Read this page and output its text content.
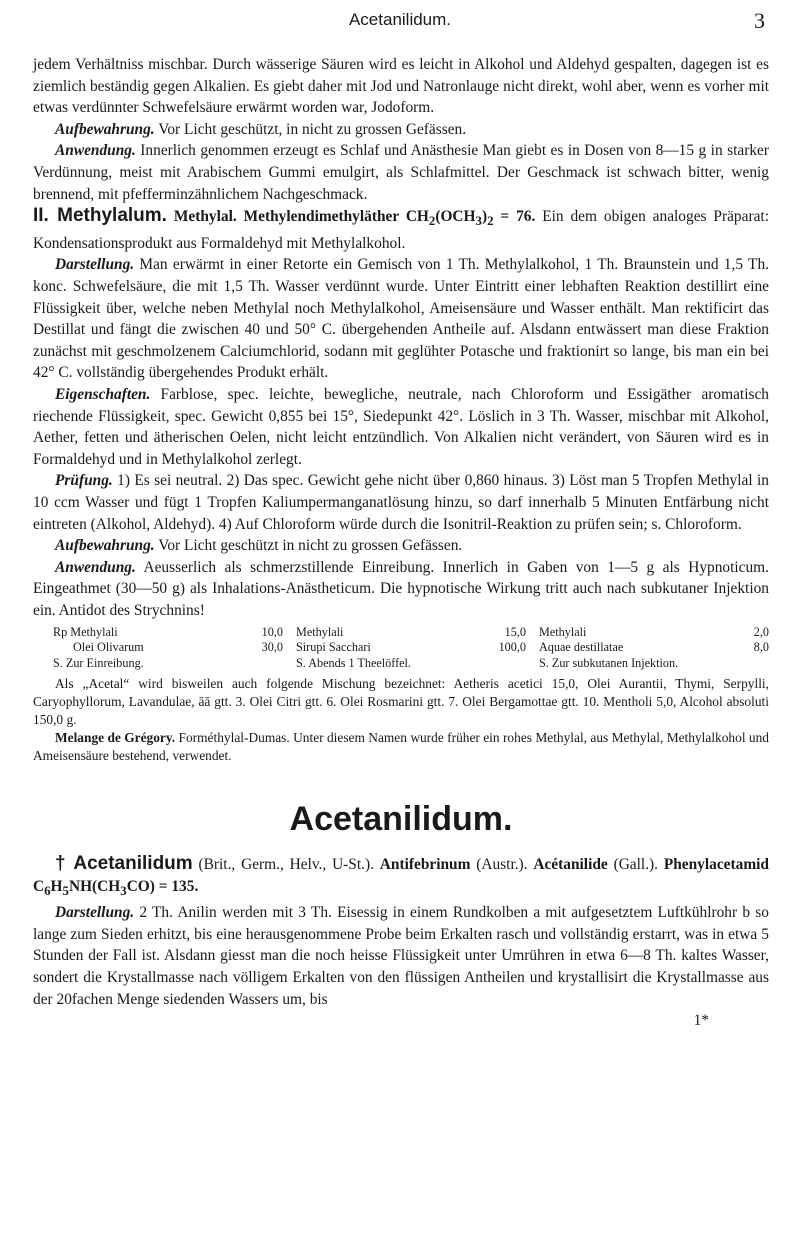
Acetanilidum.	3

jedem Verhältniss mischbar. Durch wässerige Säuren wird es leicht in Alkohol und Aldehyd gespalten, dagegen ist es ziemlich beständig gegen Alkalien. Es giebt daher mit Jod und Natronlauge nicht direkt, wohl aber, wenn es vorher mit etwas verdünnter Schwefelsäure erwärmt worden war, Jodoform.

Aufbewahrung. Vor Licht geschützt, in nicht zu grossen Gefässen.

Anwendung. Innerlich genommen erzeugt es Schlaf und Anästhesie Man giebt es in Dosen von 8—15 g in starker Verdünnung, meist mit Arabischem Gummi emulgirt, als Schlafmittel. Der Geschmack ist schwach bitter, wenig brennend, mit pfefferminzähnlichem Nachgeschmack.

II. Methylalum. Methylal. Methylendimethyläther $CH_2(OCH_3)_2 = 76$. Ein dem obigen analoges Präparat: Kondensationsprodukt aus Formaldehyd mit Methylalkohol.

Darstellung. Man erwärmt in einer Retorte ein Gemisch von 1 Th. Methylalkohol, 1 Th. Braunstein und 1,5 Th. konc. Schwefelsäure, die mit 1,5 Th. Wasser verdünnt wurde. Unter Eintritt einer lebhaften Reaktion destillirt eine Flüssigkeit über, welche neben Methylal noch Methylalkohol, Ameisensäure und Wasser enthält. Man rektificirt das Destillat und fängt die zwischen 40 und 50° C. übergehenden Antheile auf. Alsdann entwässert man diese Fraktion zunächst mit geschmolzenem Calciumchlorid, sodann mit geglühter Potasche und fraktionirt so lange, bis man ein bei 42° C. vollständig übergehendes Produkt erhält.

Eigenschaften. Farblose, spec. leichte, bewegliche, neutrale, nach Chloroform und Essigäther aromatisch riechende Flüssigkeit, spec. Gewicht 0,855 bei 15°, Siedepunkt 42°. Löslich in 3 Th. Wasser, mischbar mit Alkohol, Aether, fetten und ätherischen Oelen, nicht leicht entzündlich. Von Alkalien nicht verändert, von Säuren wird es in Formaldehyd und in Methylalkohol zerlegt.

Prüfung. 1) Es sei neutral. 2) Das spec. Gewicht gehe nicht über 0,860 hinaus. 3) Löst man 5 Tropfen Methylal in 10 ccm Wasser und fügt 1 Tropfen Kaliumpermanganatlösung hinzu, so darf innerhalb 5 Minuten Entfärbung nicht eintreten (Alkohol, Aldehyd). 4) Auf Chloroform würde durch die Isonitril-Reaktion zu prüfen sein; s. Chloroform.

Aufbewahrung. Vor Licht geschützt in nicht zu grossen Gefässen.

Anwendung. Aeusserlich als schmerzstillende Einreibung. Innerlich in Gaben von 1—5 g als Hypnoticum. Eingeathmet (30—50 g) als Inhalations-Anästheticum. Die hypnotische Wirkung tritt auch nach subkutaner Injektion ein. Antidot des Strychnins!

Rp Methylali	10,0
Olei Olivarum	30,0
S. Zur Einreibung.
Methylali	15,0
Sirupi Sacchari	100,0
S. Abends 1 Theelöffel.
Methylali	2,0
Aquae destillatae	8,0
S. Zur subkutanen Injektion.

Als „Acetal“ wird bisweilen auch folgende Mischung bezeichnet: Aetheris acetici 15,0, Olei Aurantii, Thymi, Serpylli, Caryophyllorum, Lavandulae, āā gtt. 3. Olei Citri gtt. 6. Olei Rosmarini gtt. 7. Olei Bergamottae gtt. 10. Mentholi 5,0, Alcohol absoluti 150,0 g.

Melange de Grégory. Forméthylal-Dumas. Unter diesem Namen wurde früher ein rohes Methylal, aus Methylal, Methylalkohol und Ameisensäure bestehend, verwendet.

Acetanilidum.

† Acetanilidum (Brit., Germ., Helv., U-St.). Antifebrinum (Austr.). Acétanilide (Gall.). Phenylacetamid $C_6H_5NH(CH_3CO) = 135$.

Darstellung. 2 Th. Anilin werden mit 3 Th. Eisessig in einem Rundkolben a mit aufgesetztem Luftkühlrohr b so lange zum Sieden erhitzt, bis eine herausgenommene Probe beim Erkalten rasch und vollständig erstarrt, was in etwa 5 Stunden der Fall ist. Alsdann giesst man die noch heisse Flüssigkeit unter Umrühren in etwa 6—8 Th. kaltes Wasser, sondert die Krystallmasse nach völligem Erkalten von den flüssigen Antheilen und krystallisirt die Krystallmasse aus der 20fachen Menge siedenden Wassers um, bis

1*
